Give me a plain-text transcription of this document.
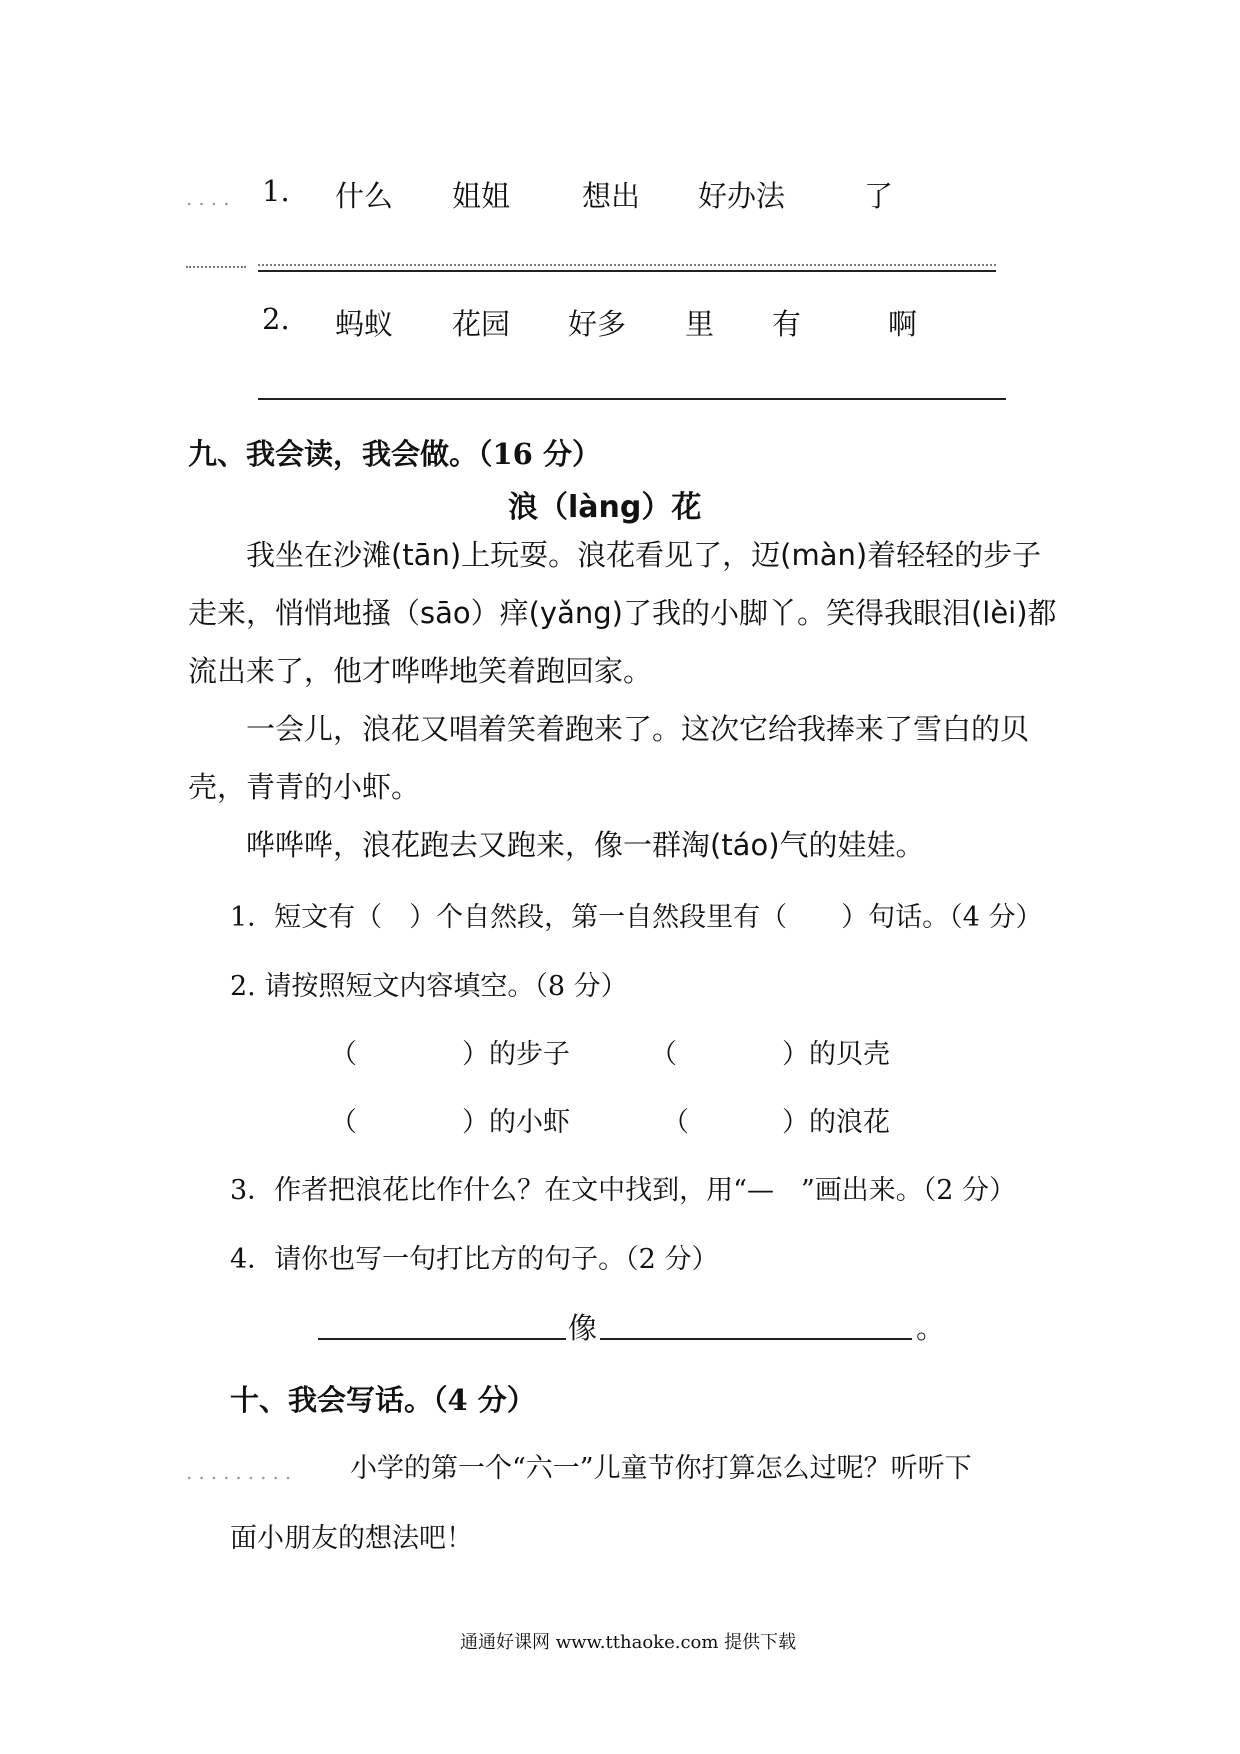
.... 1. 什么 姐姐 想出 好办法	了
2. 蚂蚁 花园 好多 里 有	啊
九、我会读，我会做。（16 分）
浪（làng）花

我坐在沙滩(tān)上玩耍。浪花看见了，迈(màn)着轻轻的步子走来，悄悄地搔（sāo）痒(yǎng)了我的小脚丫。笑得我眼泪(lèi)都流出来了，他才哗哗地笑着跑回家。

一会儿，浪花又唱着笑着跑来了。这次它给我捧来了雪白的贝壳，青青的小虾。

哗哗哗，浪花跑去又跑来，像一群淘(táo)气的娃娃。

1．短文有（　）个自然段，第一自然段里有（　　）句话。（4 分）
2. 请按照短文内容填空。（8 分）
（	）的步子	（	）的贝壳
（	）的小虾	（	）的浪花
3．作者把浪花比作什么？在文中找到，用“—　”画出来。（2 分）
4．请你也写一句打比方的句子。（2 分）
像	。
十、我会写话。（4 分）
......... 小学的第一个“六一”儿童节你打算怎么过呢？听听下
面小朋友的想法吧！
通通好课网 www.tthaoke.com 提供下载
